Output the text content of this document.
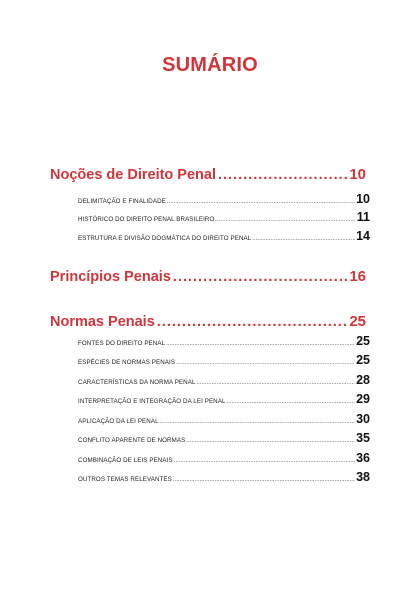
SUMÁRIO
Noções de Direito Penal .....	10
DELIMITAÇÃO E FINALIDADE .....	10
HISTÓRICO DO DIREITO PENAL BRASILEIRO .....	11
ESTRUTURA E DIVISÃO DOGMÁTICA DO DIREITO PENAL .....	14
Princípios Penais .....	16
Normas Penais .....	25
FONTES DO DIREITO PENAL .....	25
ESPÉCIES DE NORMAS PENAIS .....	25
CARACTERÍSTICAS DA NORMA PENAL .....	28
INTERPRETAÇÃO E INTEGRAÇÃO DA LEI PENAL .....	29
APLICAÇÃO DA LEI PENAL .....	30
CONFLITO APARENTE DE NORMAS .....	35
COMBINAÇÃO DE LEIS PENAIS .....	36
OUTROS TEMAS RELEVANTES .....	38
